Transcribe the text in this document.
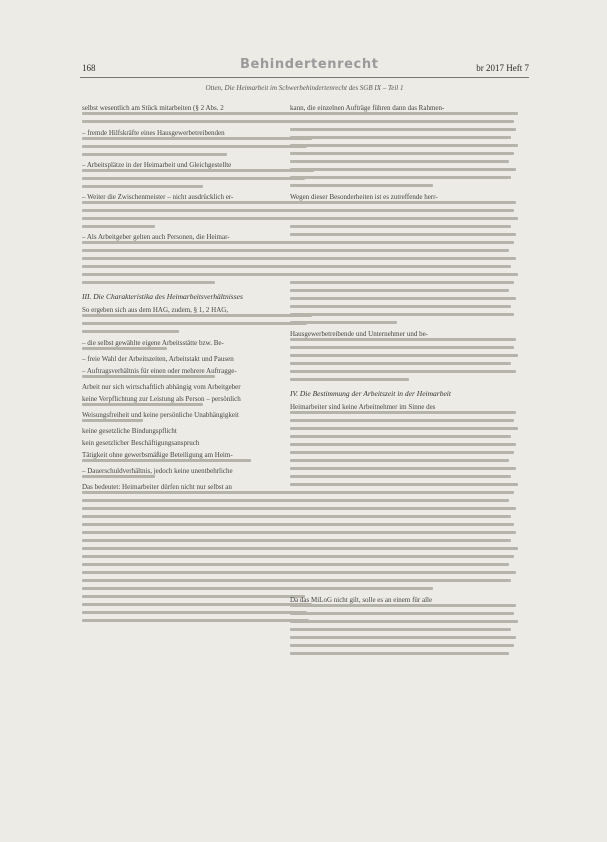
168	Behindertenrecht	br 2017 Heft 7
Otten, Die Heimarbeit im Schwerbehindertenrecht des SGB IX – Teil 1
selbst wesentlich am Stück mitarbeiten (§ 2 Abs. 2
– fremde Hilfskräfte eines Hausgewerbetreibenden
– Arbeitsplätze in der Heimarbeit und Gleichgestellte
– Weiter die Zwischenmeister – nicht ausdrücklich er-
– Als Arbeitgeber gelten auch Personen, die Heimar-
III. Die Charakteristika des Heimarbeitsverhältnisses
So ergeben sich aus dem HAG, zudem, § 1, 2 HAG,
– die selbst gewählte eigene Arbeitsstätte bzw. Be-
– freie Wahl der Arbeitszeiten, Arbeitstakt und Pausen
– Auftragsverhältnis für einen oder mehrere Auftragge-
Arbeit nur sich wirtschaftlich abhängig vom Arbeitgeber
keine Verpflichtung zur Leistung als Person – persönlich
Weisungsfreiheit und keine persönliche Unabhängigkeit
keine gesetzliche Bindungspflicht
kein gesetzlicher Beschäftigungsanspruch
Tätigkeit ohne gewerbsmäßige Beteiligung am Heim-
– Dauerschuldverhältnis, jedoch keine unentbehrliche
Das bedeutet: Heimarbeiter dürfen nicht nur selbst an
kann, die einzelnen Aufträge führen dann das Rahmen-
Wegen dieser Besonderheiten ist es zutreffende herr-
Hausgewerbetreibende und Unternehmer und be-
IV. Die Bestimmung der Arbeitszeit in der Heimarbeit
Heimarbeiter sind keine Arbeitnehmer im Sinne des
Da das MiLoG nicht gilt, solle es an einem für alle
